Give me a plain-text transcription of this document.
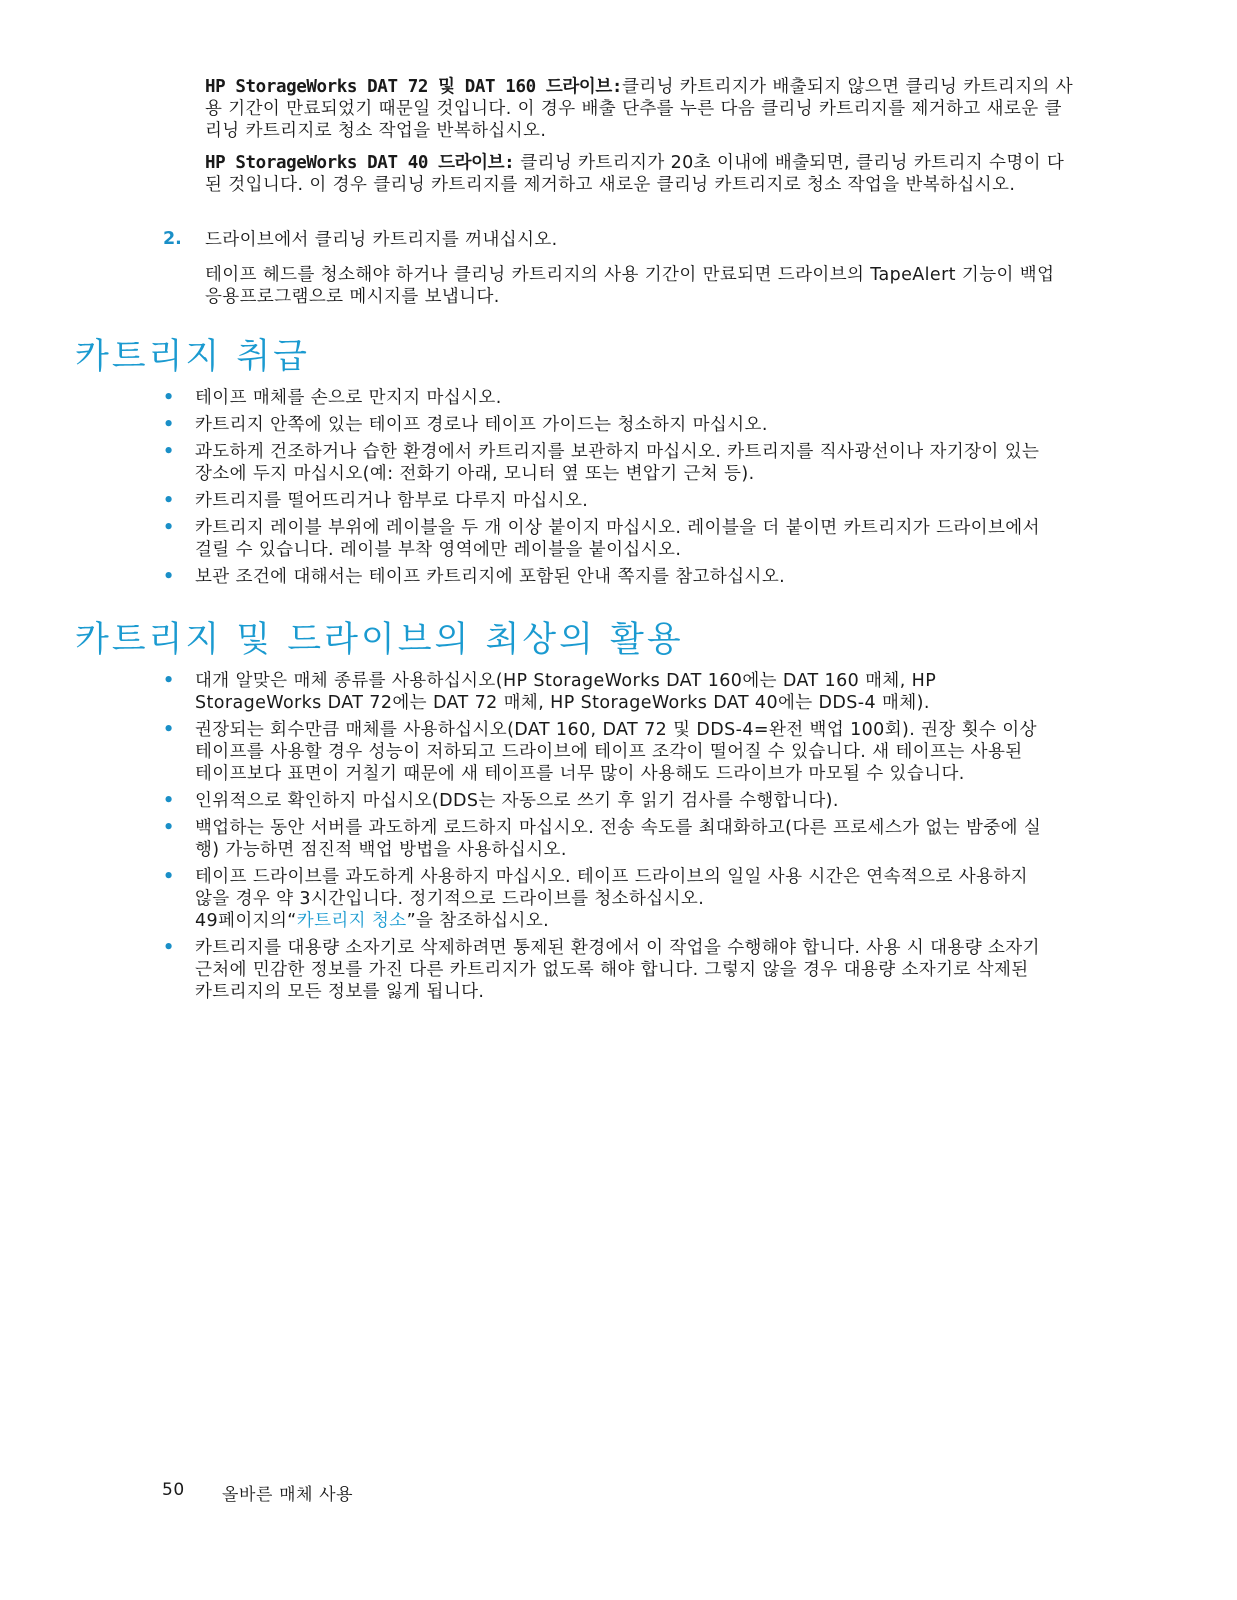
HP StorageWorks DAT 72 및 DAT 160 드라이브:클리닝 카트리지가 배출되지 않으면 클리닝 카트리지의 사용 기간이 만료되었기 때문일 것입니다. 이 경우 배출 단추를 누른 다음 클리닝 카트리지를 제거하고 새로운 클리닝 카트리지로 청소 작업을 반복하십시오.
HP StorageWorks DAT 40 드라이브: 클리닝 카트리지가 20초 이내에 배출되면, 클리닝 카트리지 수명이 다 된 것입니다. 이 경우 클리닝 카트리지를 제거하고 새로운 클리닝 카트리지로 청소 작업을 반복하십시오.
2. 드라이브에서 클리닝 카트리지를 꺼내십시오.
테이프 헤드를 청소해야 하거나 클리닝 카트리지의 사용 기간이 만료되면 드라이브의 TapeAlert 기능이 백업 응용프로그램으로 메시지를 보냅니다.
카트리지 취급
• 테이프 매체를 손으로 만지지 마십시오.
• 카트리지 안쪽에 있는 테이프 경로나 테이프 가이드는 청소하지 마십시오.
• 과도하게 건조하거나 습한 환경에서 카트리지를 보관하지 마십시오. 카트리지를 직사광선이나 자기장이 있는 장소에 두지 마십시오(예: 전화기 아래, 모니터 옆 또는 변압기 근처 등).
• 카트리지를 떨어뜨리거나 함부로 다루지 마십시오.
• 카트리지 레이블 부위에 레이블을 두 개 이상 붙이지 마십시오. 레이블을 더 붙이면 카트리지가 드라이브에서 걸릴 수 있습니다. 레이블 부착 영역에만 레이블을 붙이십시오.
• 보관 조건에 대해서는 테이프 카트리지에 포함된 안내 쪽지를 참고하십시오.
카트리지 및 드라이브의 최상의 활용
• 대개 알맞은 매체 종류를 사용하십시오(HP StorageWorks DAT 160에는 DAT 160 매체, HP StorageWorks DAT 72에는 DAT 72 매체, HP StorageWorks DAT 40에는 DDS-4 매체).
• 권장되는 회수만큼 매체를 사용하십시오(DAT 160, DAT 72 및 DDS-4=완전 백업 100회). 권장 횟수 이상 테이프를 사용할 경우 성능이 저하되고 드라이브에 테이프 조각이 떨어질 수 있습니다. 새 테이프는 사용된 테이프보다 표면이 거칠기 때문에 새 테이프를 너무 많이 사용해도 드라이브가 마모될 수 있습니다.
• 인위적으로 확인하지 마십시오(DDS는 자동으로 쓰기 후 읽기 검사를 수행합니다).
• 백업하는 동안 서버를 과도하게 로드하지 마십시오. 전송 속도를 최대화하고(다른 프로세스가 없는 밤중에 실행) 가능하면 점진적 백업 방법을 사용하십시오.
• 테이프 드라이브를 과도하게 사용하지 마십시오. 테이프 드라이브의 일일 사용 시간은 연속적으로 사용하지 않을 경우 약 3시간입니다. 정기적으로 드라이브를 청소하십시오.
49페이지의“카트리지 청소”을 참조하십시오.
• 카트리지를 대용량 소자기로 삭제하려면 통제된 환경에서 이 작업을 수행해야 합니다. 사용 시 대용량 소자기 근처에 민감한 정보를 가진 다른 카트리지가 없도록 해야 합니다. 그렇지 않을 경우 대용량 소자기로 삭제된 카트리지의 모든 정보를 잃게 됩니다.
50 올바른 매체 사용
